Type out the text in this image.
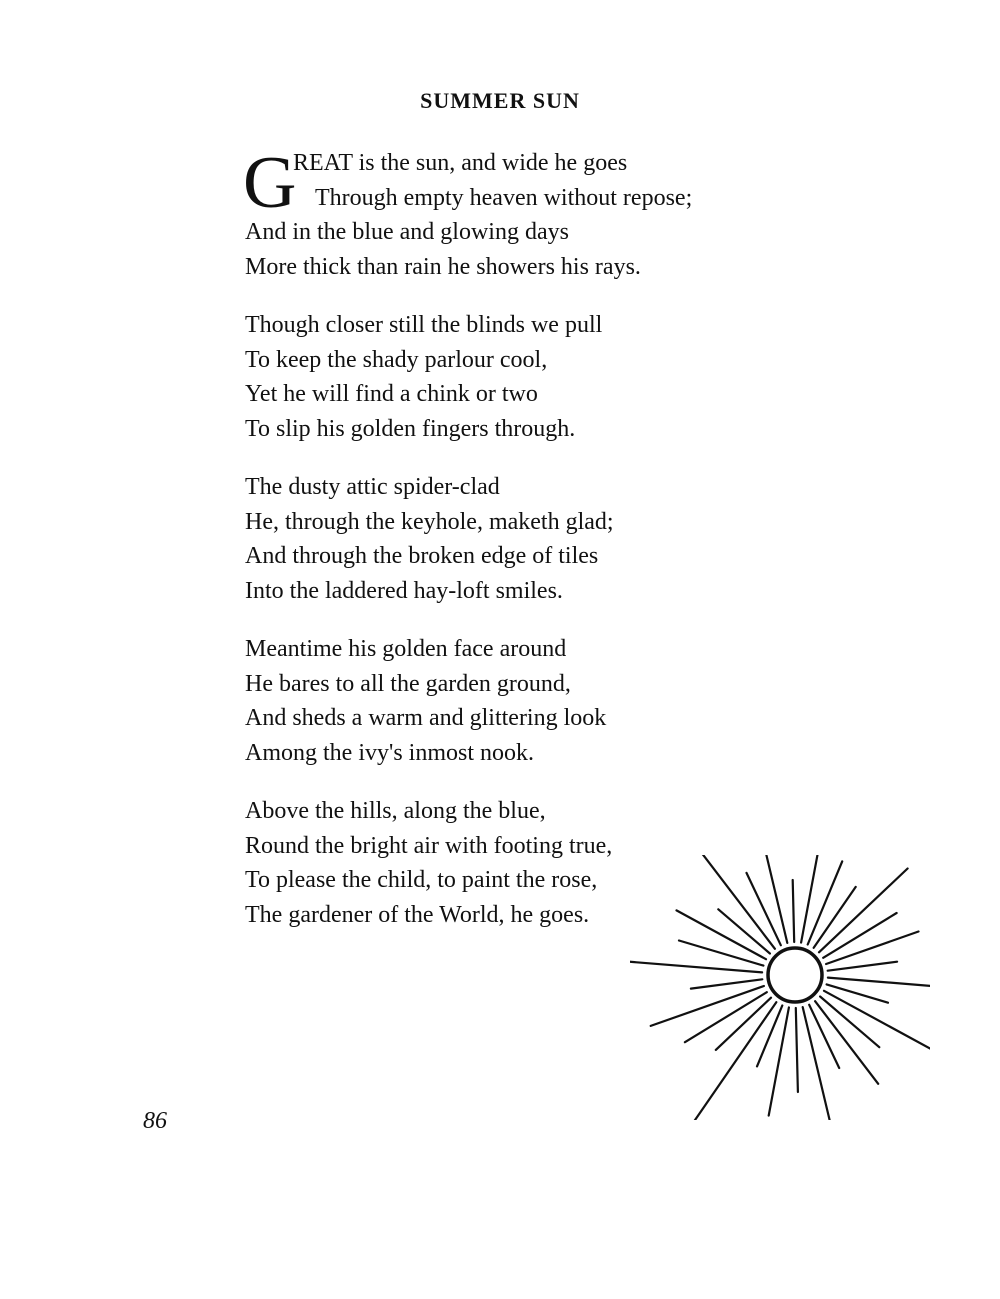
SUMMER SUN
G
REAT is the sun, and wide he goes
Through empty heaven without repose;
And in the blue and glowing days
More thick than rain he showers his rays.
Though closer still the blinds we pull
To keep the shady parlour cool,
Yet he will find a chink or two
To slip his golden fingers through.
The dusty attic spider-clad
He, through the keyhole, maketh glad;
And through the broken edge of tiles
Into the laddered hay-loft smiles.
Meantime his golden face around
He bares to all the garden ground,
And sheds a warm and glittering look
Among the ivy's inmost nook.
Above the hills, along the blue,
Round the bright air with footing true,
To please the child, to paint the rose,
The gardener of the World, he goes.
86
